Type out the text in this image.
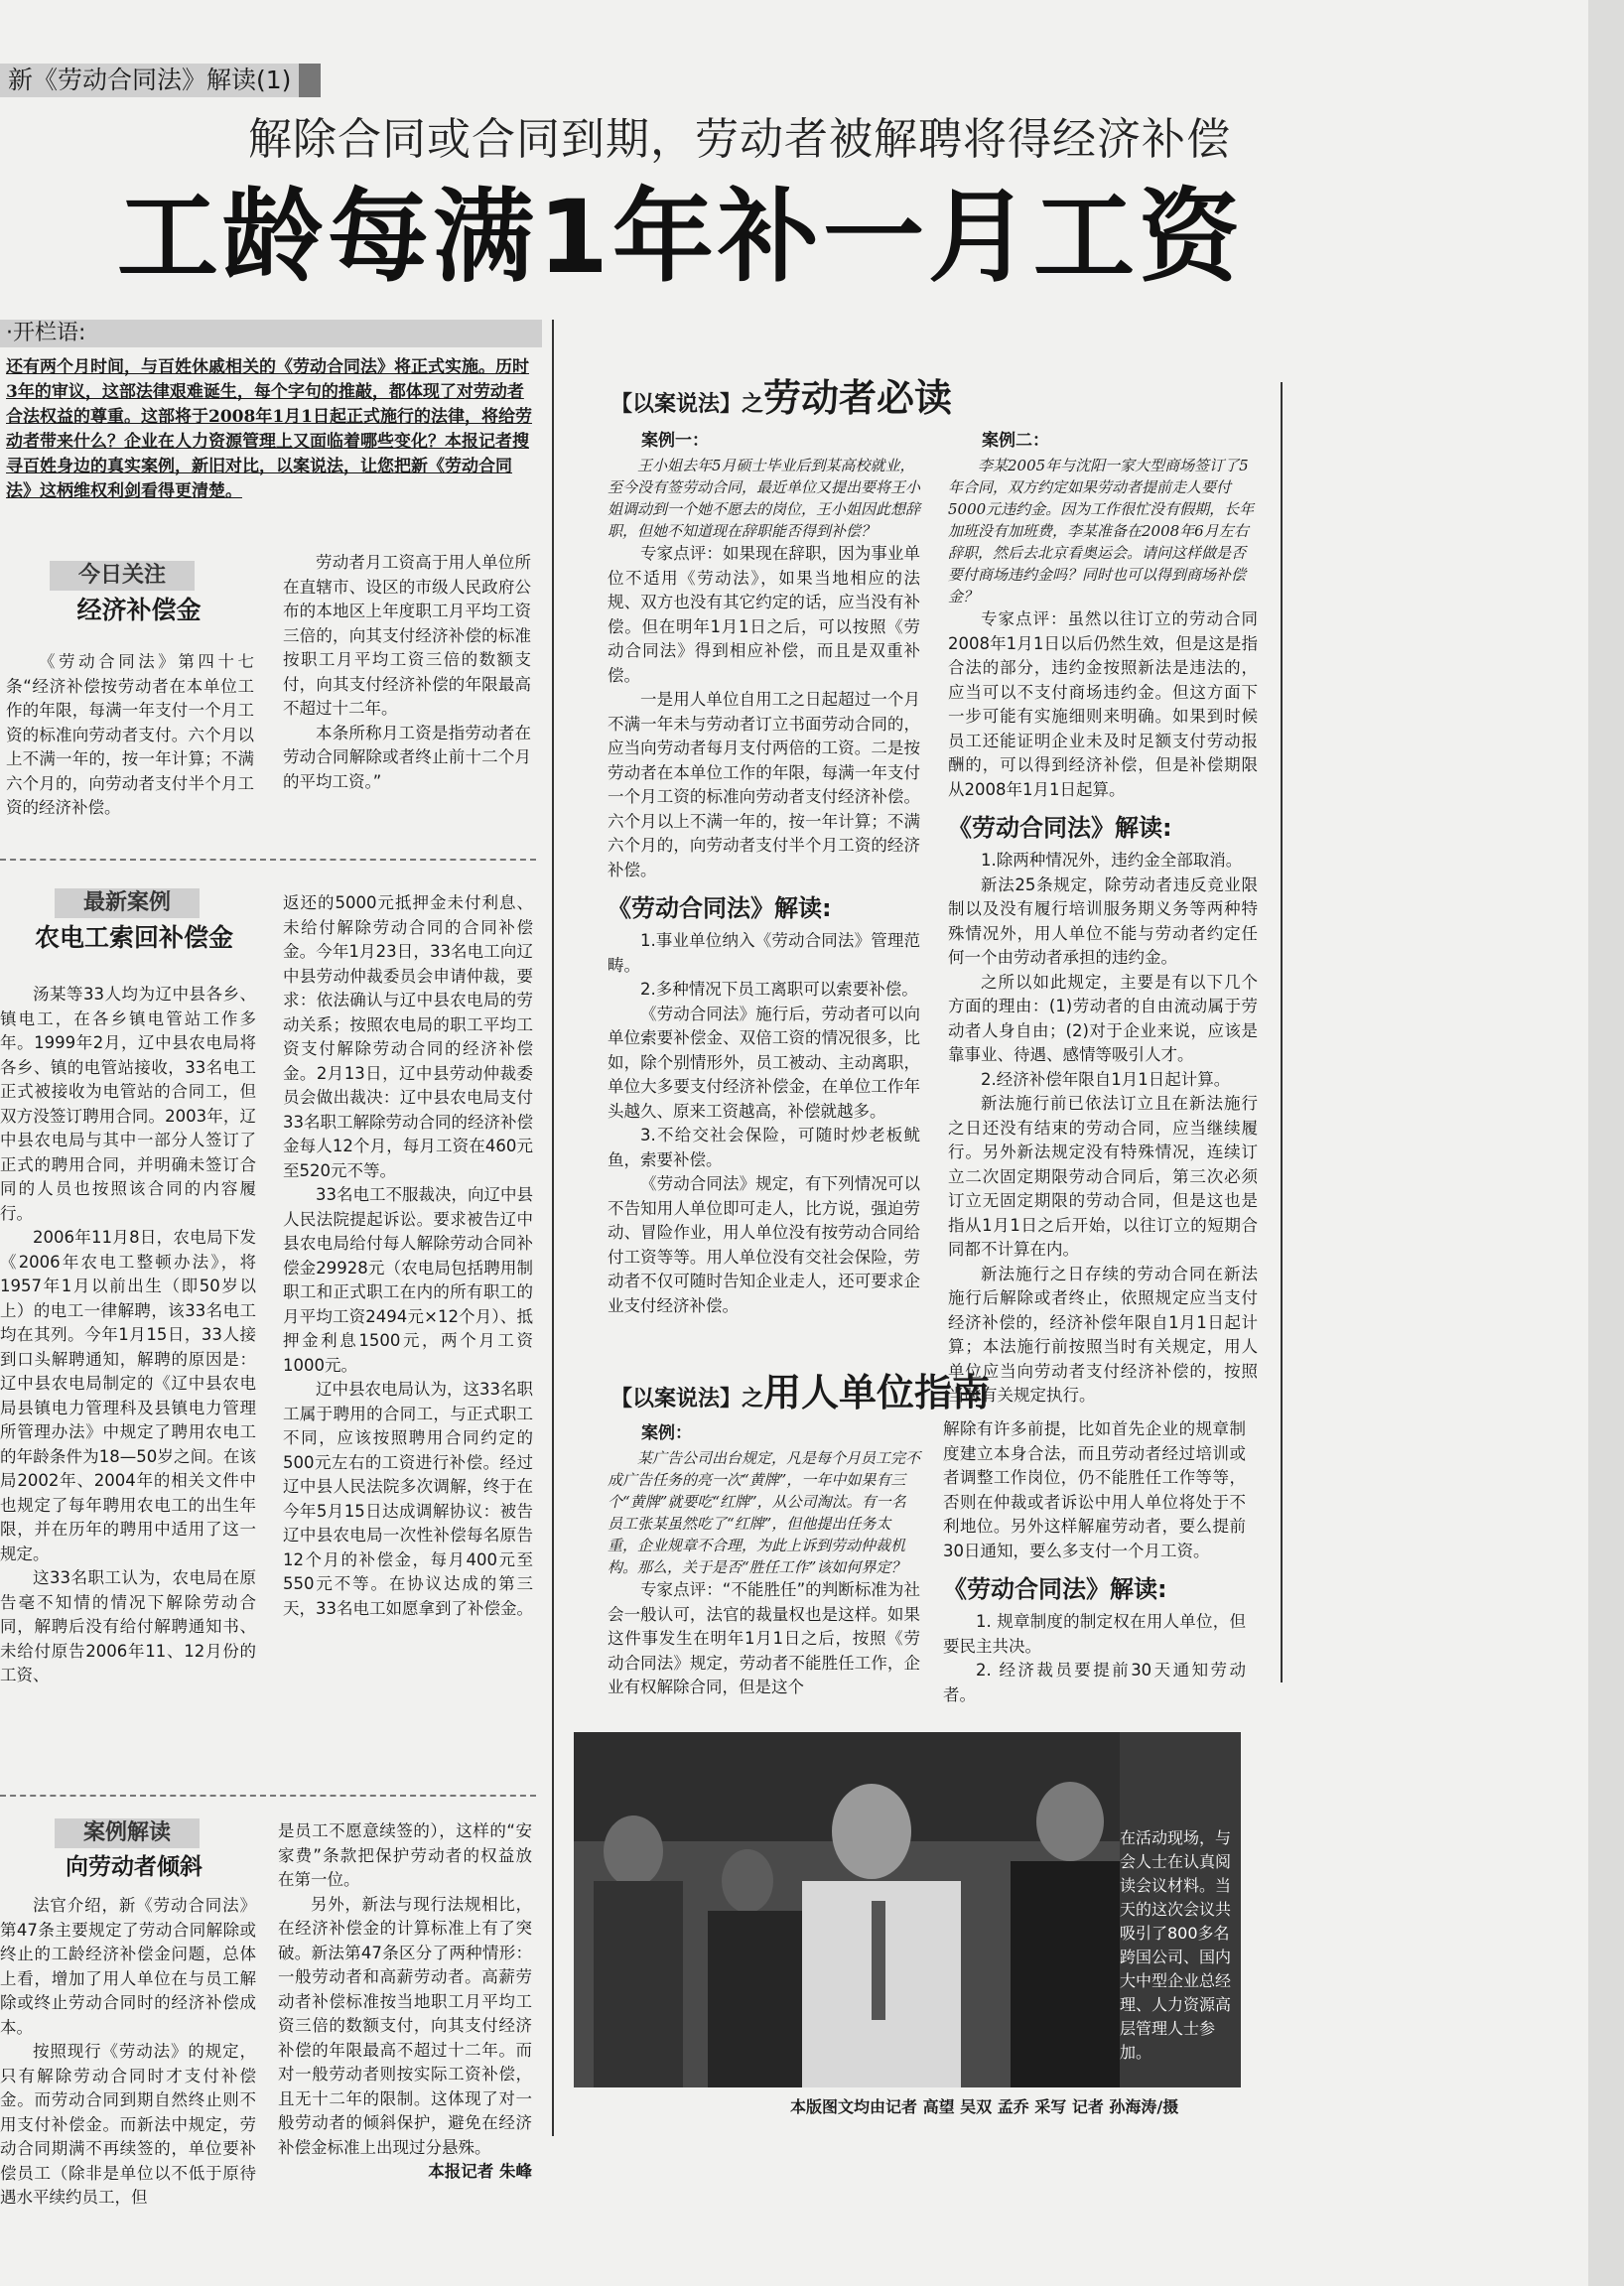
新《劳动合同法》解读(1)
解除合同或合同到期，劳动者被解聘将得经济补偿
工龄每满1年补一月工资
·开栏语:
还有两个月时间，与百姓休戚相关的《劳动合同法》将正式实施。历时3年的审议，这部法律艰难诞生，每个字句的推敲，都体现了对劳动者合法权益的尊重。这部将于2008年1月1日起正式施行的法律，将给劳动者带来什么？企业在人力资源管理上又面临着哪些变化？本报记者搜寻百姓身边的真实案例，新旧对比，以案说法，让您把新《劳动合同法》这柄维权利剑看得更清楚。
今日关注
经济补偿金

《劳动合同法》第四十七条“经济补偿按劳动者在本单位工作的年限，每满一年支付一个月工资的标准向劳动者支付。六个月以上不满一年的，按一年计算；不满六个月的，向劳动者支付半个月工资的经济补偿。

劳动者月工资高于用人单位所在直辖市、设区的市级人民政府公布的本地区上年度职工月平均工资三倍的，向其支付经济补偿的标准按职工月平均工资三倍的数额支付，向其支付经济补偿的年限最高不超过十二年。

本条所称月工资是指劳动者在劳动合同解除或者终止前十二个月的平均工资。”

最新案例
农电工索回补偿金

汤某等33人均为辽中县各乡、镇电工，在各乡镇电管站工作多年。1999年2月，辽中县农电局将各乡、镇的电管站接收，33名电工正式被接收为电管站的合同工，但双方没签订聘用合同。2003年，辽中县农电局与其中一部分人签订了正式的聘用合同，并明确未签订合同的人员也按照该合同的内容履行。

2006年11月8日，农电局下发《2006年农电工整顿办法》，将1957年1月以前出生（即50岁以上）的电工一律解聘，该33名电工均在其列。今年1月15日，33人接到口头解聘通知，解聘的原因是：辽中县农电局制定的《辽中县农电局县镇电力管理科及县镇电力管理所管理办法》中规定了聘用农电工的年龄条件为18—50岁之间。在该局2002年、2004年的相关文件中也规定了每年聘用农电工的出生年限，并在历年的聘用中适用了这一规定。

这33名职工认为，农电局在原告毫不知情的情况下解除劳动合同，解聘后没有给付解聘通知书、未给付原告2006年11、12月份的工资、

返还的5000元抵押金未付利息、未给付解除劳动合同的合同补偿金。今年1月23日，33名电工向辽中县劳动仲裁委员会申请仲裁，要求：依法确认与辽中县农电局的劳动关系；按照农电局的职工平均工资支付解除劳动合同的经济补偿金。2月13日，辽中县劳动仲裁委员会做出裁决：辽中县农电局支付33名职工解除劳动合同的经济补偿金每人12个月，每月工资在460元至520元不等。

33名电工不服裁决，向辽中县人民法院提起诉讼。要求被告辽中县农电局给付每人解除劳动合同补偿金29928元（农电局包括聘用制职工和正式职工在内的所有职工的月平均工资2494元×12个月）、抵押金利息1500元，两个月工资1000元。

辽中县农电局认为，这33名职工属于聘用的合同工，与正式职工不同，应该按照聘用合同约定的500元左右的工资进行补偿。经过辽中县人民法院多次调解，终于在今年5月15日达成调解协议：被告辽中县农电局一次性补偿每名原告12个月的补偿金，每月400元至550元不等。在协议达成的第三天，33名电工如愿拿到了补偿金。

案例解读
向劳动者倾斜

法官介绍，新《劳动合同法》第47条主要规定了劳动合同解除或终止的工龄经济补偿金问题，总体上看，增加了用人单位在与员工解除或终止劳动合同时的经济补偿成本。

按照现行《劳动法》的规定，只有解除劳动合同时才支付补偿金。而劳动合同到期自然终止则不用支付补偿金。而新法中规定，劳动合同期满不再续签的，单位要补偿员工（除非是单位以不低于原待遇水平续约员工，但

是员工不愿意续签的），这样的“安家费”条款把保护劳动者的权益放在第一位。

另外，新法与现行法规相比，在经济补偿金的计算标准上有了突破。新法第47条区分了两种情形：一般劳动者和高薪劳动者。高薪劳动者补偿标准按当地职工月平均工资三倍的数额支付，向其支付经济补偿的年限最高不超过十二年。而对一般劳动者则按实际工资补偿，且无十二年的限制。这体现了对一般劳动者的倾斜保护，避免在经济补偿金标准上出现过分悬殊。

本报记者 朱峰

【以案说法】之劳动者必读
案例一：
王小姐去年5月硕士毕业后到某高校就业，至今没有签劳动合同，最近单位又提出要将王小姐调动到一个她不愿去的岗位，王小姐因此想辞职，但她不知道现在辞职能否得到补偿？

专家点评：如果现在辞职，因为事业单位不适用《劳动法》，如果当地相应的法规、双方也没有其它约定的话，应当没有补偿。但在明年1月1日之后，可以按照《劳动合同法》得到相应补偿，而且是双重补偿。

一是用人单位自用工之日起超过一个月不满一年未与劳动者订立书面劳动合同的，应当向劳动者每月支付两倍的工资。二是按劳动者在本单位工作的年限，每满一年支付一个月工资的标准向劳动者支付经济补偿。六个月以上不满一年的，按一年计算；不满六个月的，向劳动者支付半个月工资的经济补偿。

《劳动合同法》解读:

1.事业单位纳入《劳动合同法》管理范畴。

2.多种情况下员工离职可以索要补偿。

《劳动合同法》施行后，劳动者可以向单位索要补偿金、双倍工资的情况很多，比如，除个别情形外，员工被动、主动离职，单位大多要支付经济补偿金，在单位工作年头越久、原来工资越高，补偿就越多。

3.不给交社会保险，可随时炒老板鱿鱼，索要补偿。

《劳动合同法》规定，有下列情况可以不告知用人单位即可走人，比方说，强迫劳动、冒险作业，用人单位没有按劳动合同给付工资等等。用人单位没有交社会保险，劳动者不仅可随时告知企业走人，还可要求企业支付经济补偿。

案例二：
李某2005年与沈阳一家大型商场签订了5年合同，双方约定如果劳动者提前走人要付5000元违约金。因为工作很忙没有假期，长年加班没有加班费，李某准备在2008年6月左右辞职，然后去北京看奥运会。请问这样做是否要付商场违约金吗？同时也可以得到商场补偿金？

专家点评：虽然以往订立的劳动合同2008年1月1日以后仍然生效，但是这是指合法的部分，违约金按照新法是违法的，应当可以不支付商场违约金。但这方面下一步可能有实施细则来明确。如果到时候员工还能证明企业未及时足额支付劳动报酬的，可以得到经济补偿，但是补偿期限从2008年1月1日起算。

《劳动合同法》解读:

1.除两种情况外，违约金全部取消。

新法25条规定，除劳动者违反竞业限制以及没有履行培训服务期义务等两种特殊情况外，用人单位不能与劳动者约定任何一个由劳动者承担的违约金。

之所以如此规定，主要是有以下几个方面的理由：(1)劳动者的自由流动属于劳动者人身自由；(2)对于企业来说，应该是靠事业、待遇、感情等吸引人才。

2.经济补偿年限自1月1日起计算。

新法施行前已依法订立且在新法施行之日还没有结束的劳动合同，应当继续履行。另外新法规定没有特殊情况，连续订立二次固定期限劳动合同后，第三次必须订立无固定期限的劳动合同，但是这也是指从1月1日之后开始，以往订立的短期合同都不计算在内。

新法施行之日存续的劳动合同在新法施行后解除或者终止，依照规定应当支付经济补偿的，经济补偿年限自1月1日起计算；本法施行前按照当时有关规定，用人单位应当向劳动者支付经济补偿的，按照当时有关规定执行。

【以案说法】之用人单位指南
案例：
某广告公司出台规定，凡是每个月员工完不成广告任务的亮一次“黄牌”，一年中如果有三个“黄牌”就要吃“红牌”，从公司淘汰。有一名员工张某虽然吃了“红牌”，但他提出任务太重，企业规章不合理，为此上诉到劳动仲裁机构。那么，关于是否“胜任工作”该如何界定？

专家点评：“不能胜任”的判断标准为社会一般认可，法官的裁量权也是这样。如果这件事发生在明年1月1日之后，按照《劳动合同法》规定，劳动者不能胜任工作，企业有权解除合同，但是这个

解除有许多前提，比如首先企业的规章制度建立本身合法，而且劳动者经过培训或者调整工作岗位，仍不能胜任工作等等，否则在仲裁或者诉讼中用人单位将处于不利地位。另外这样解雇劳动者，要么提前30日通知，要么多支付一个月工资。

《劳动合同法》解读:

1. 规章制度的制定权在用人单位，但要民主共决。

2. 经济裁员要提前30天通知劳动者。

在活动现场，与会人士在认真阅读会议材料。当天的这次会议共吸引了800多名跨国公司、国内大中型企业总经理、人力资源高层管理人士参加。
本版图文均由记者 高望 吴双 孟乔 采写 记者 孙海涛/摄
